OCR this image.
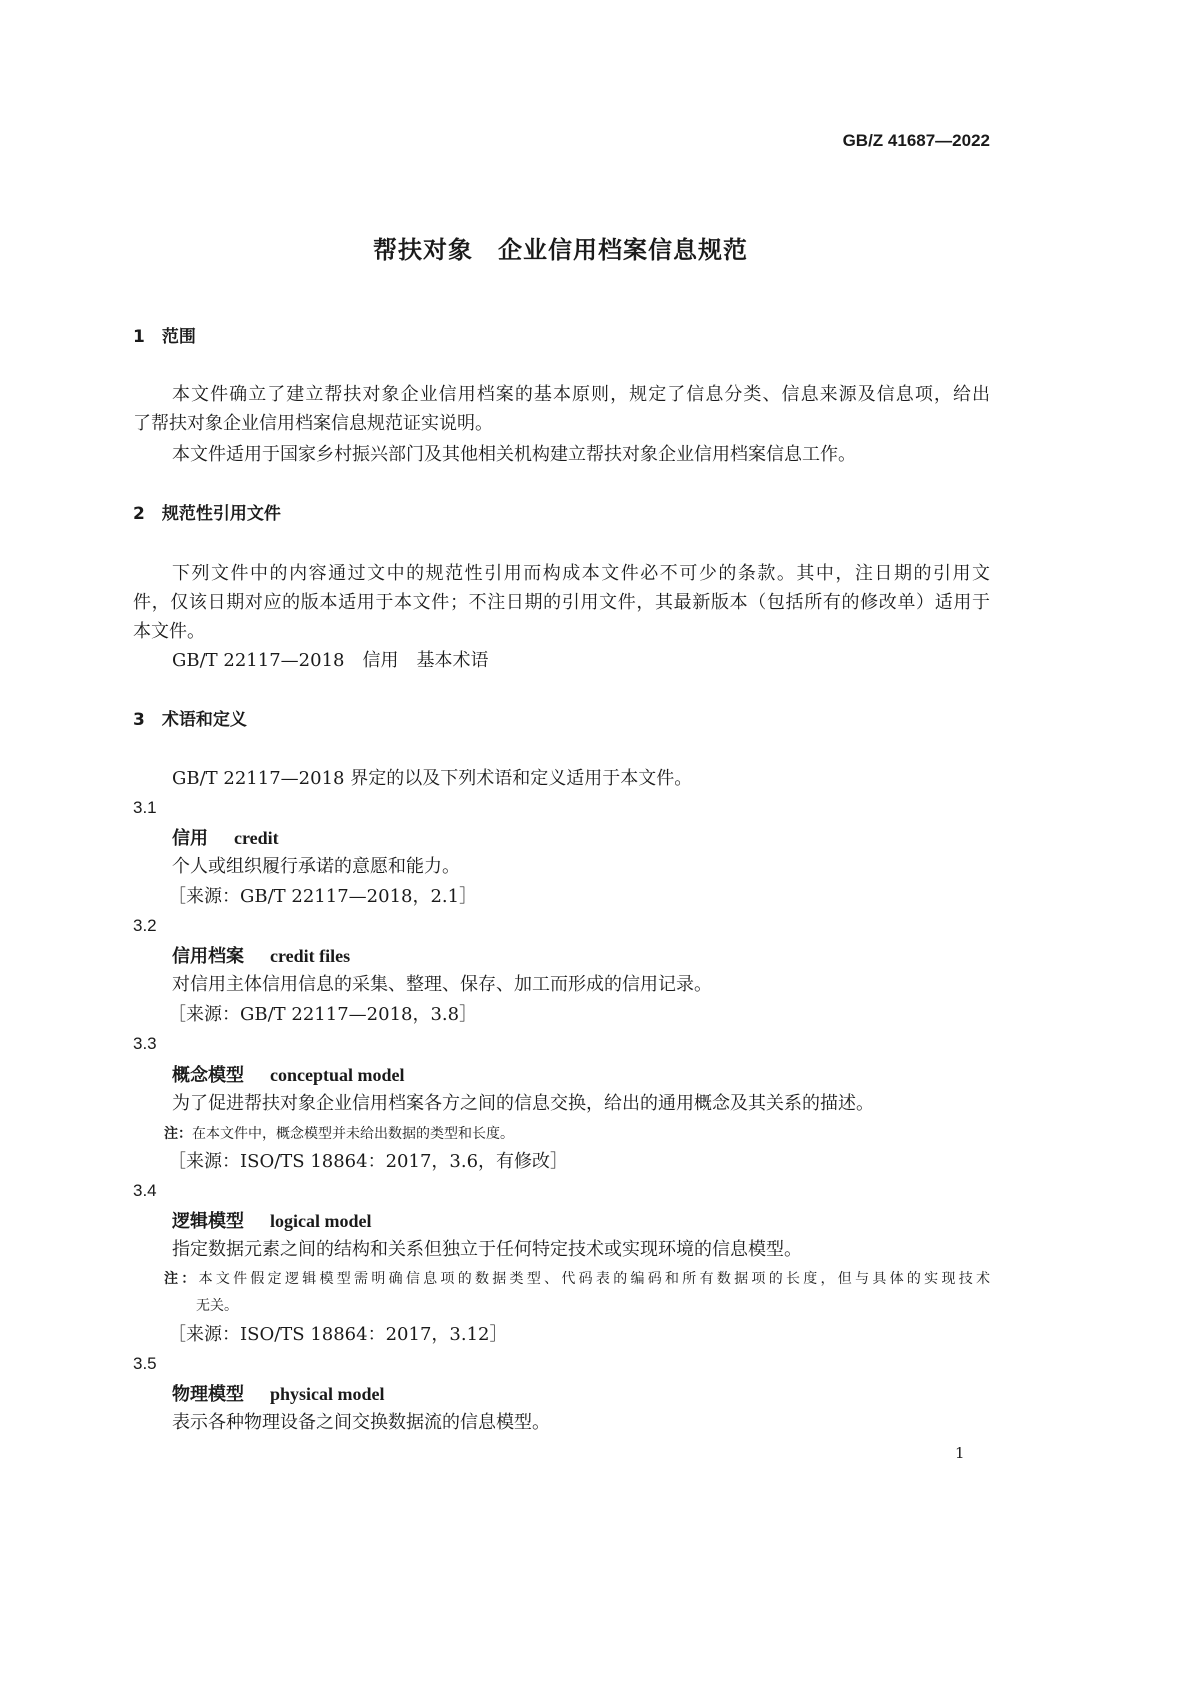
GB/Z 41687—2022
帮扶对象　企业信用档案信息规范
1　范围
本文件确立了建立帮扶对象企业信用档案的基本原则，规定了信息分类、信息来源及信息项，给出
了帮扶对象企业信用档案信息规范证实说明。
本文件适用于国家乡村振兴部门及其他相关机构建立帮扶对象企业信用档案信息工作。
2　规范性引用文件
下列文件中的内容通过文中的规范性引用而构成本文件必不可少的条款。其中，注日期的引用文
件，仅该日期对应的版本适用于本文件；不注日期的引用文件，其最新版本（包括所有的修改单）适用于
本文件。
GB/T 22117—2018　信用　基本术语
3　术语和定义
GB/T 22117—2018 界定的以及下列术语和定义适用于本文件。
3.1
信用 credit
个人或组织履行承诺的意愿和能力。
［来源：GB/T 22117—2018，2.1］
3.2
信用档案 credit files
对信用主体信用信息的采集、整理、保存、加工而形成的信用记录。
［来源：GB/T 22117—2018，3.8］
3.3
概念模型 conceptual model
为了促进帮扶对象企业信用档案各方之间的信息交换，给出的通用概念及其关系的描述。
注：在本文件中，概念模型并未给出数据的类型和长度。
［来源：ISO/TS 18864：2017，3.6，有修改］
3.4
逻辑模型 logical model
指定数据元素之间的结构和关系但独立于任何特定技术或实现环境的信息模型。
注：本文件假定逻辑模型需明确信息项的数据类型、代码表的编码和所有数据项的长度，但与具体的实现技术
无关。
［来源：ISO/TS 18864：2017，3.12］
3.5
物理模型 physical model
表示各种物理设备之间交换数据流的信息模型。
1
